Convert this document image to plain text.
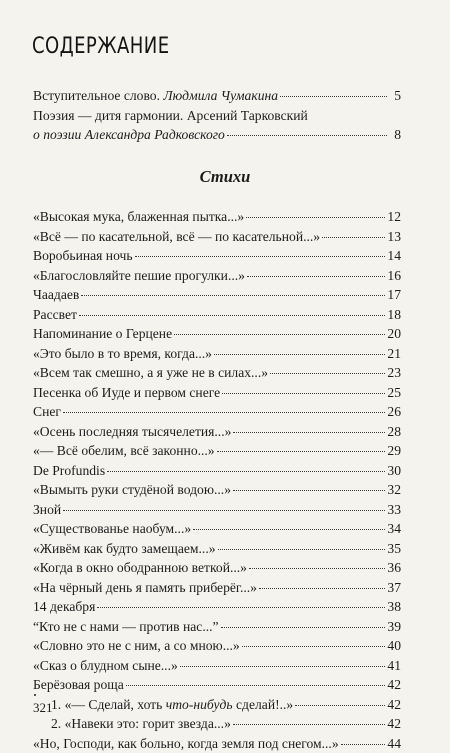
СОДЕРЖАНИЕ
Вступительное слово. Людмила Чумакина	5
Поэзия — дитя гармонии. Арсений Тарковский
о поэзии Александра Радковского	8
Стихи
«Высокая мука, блаженная пытка...»	12
«Всё — по касательной, всё — по касательной...»	13
Воробьиная ночь	14
«Благословляйте пешие прогулки...»	16
Чаадаев	17
Рассвет	18
Напоминание о Герцене	20
«Это было в то время, когда...»	21
«Всем так смешно, а я уже не в силах...»	23
Песенка об Иуде и первом снеге	25
Снег	26
«Осень последняя тысячелетия...»	28
«— Всё обелим, всё законно...»	29
De Profundis	30
«Вымыть руки студёной водою...»	32
Зной	33
«Существованье наобум...»	34
«Живём как будто замещаем...»	35
«Когда в окно ободранною веткой...»	36
«На чёрный день я память приберёг...»	37
14 декабря	38
“Кто не с нами — против нас...”	39
«Словно это не с ним, а со мною...»	40
«Сказ о блудном сыне...»	41
Берёзовая роща	42
1. «— Сделай, хоть что-нибудь сделай!..»	42
2. «Навеки это: горит звезда...»	42
«Но, Господи, как больно, когда земля под снегом...»	44
321
